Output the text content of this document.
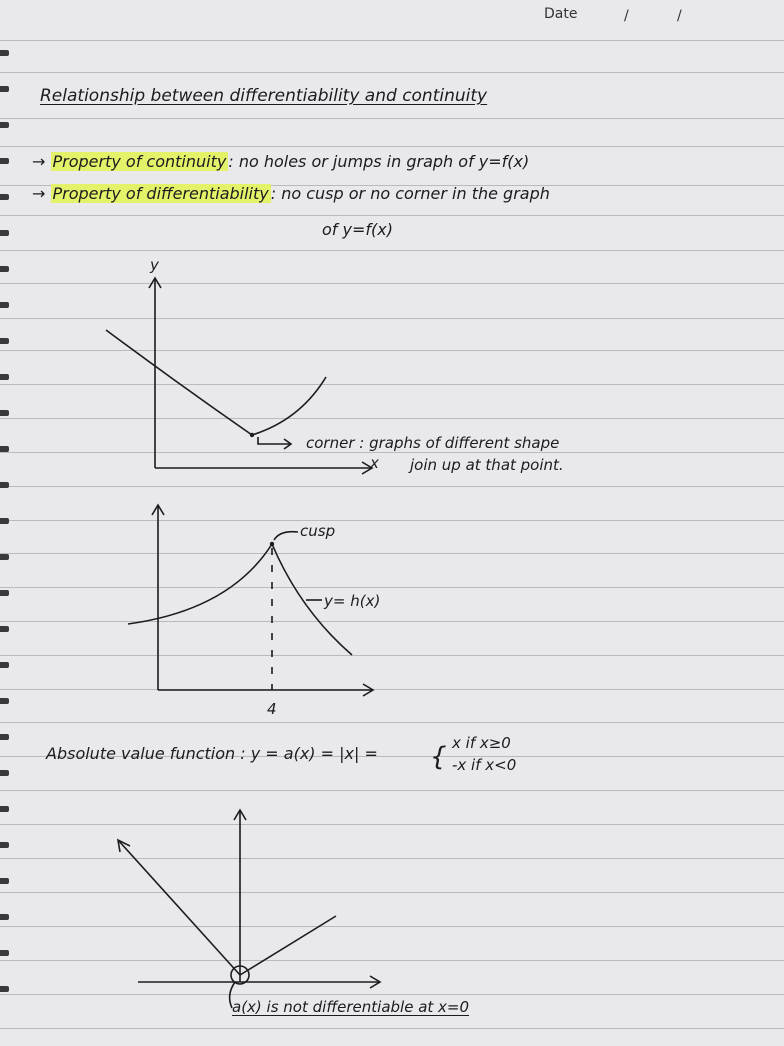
Date	/	/
Relationship between differentiability and continuity
→ Property of continuity : no holes or jumps in graph of y=f(x)
→ Property of differentiability : no cusp or no corner in the graph
of y=f(x)
y
x
corner : graphs of different shape
join up at that point.
cusp
y= h(x)
4
Absolute value function : y = a(x) = |x| = { x if x≥0
-x if x<0
a(x) is not differentiable at x=0
